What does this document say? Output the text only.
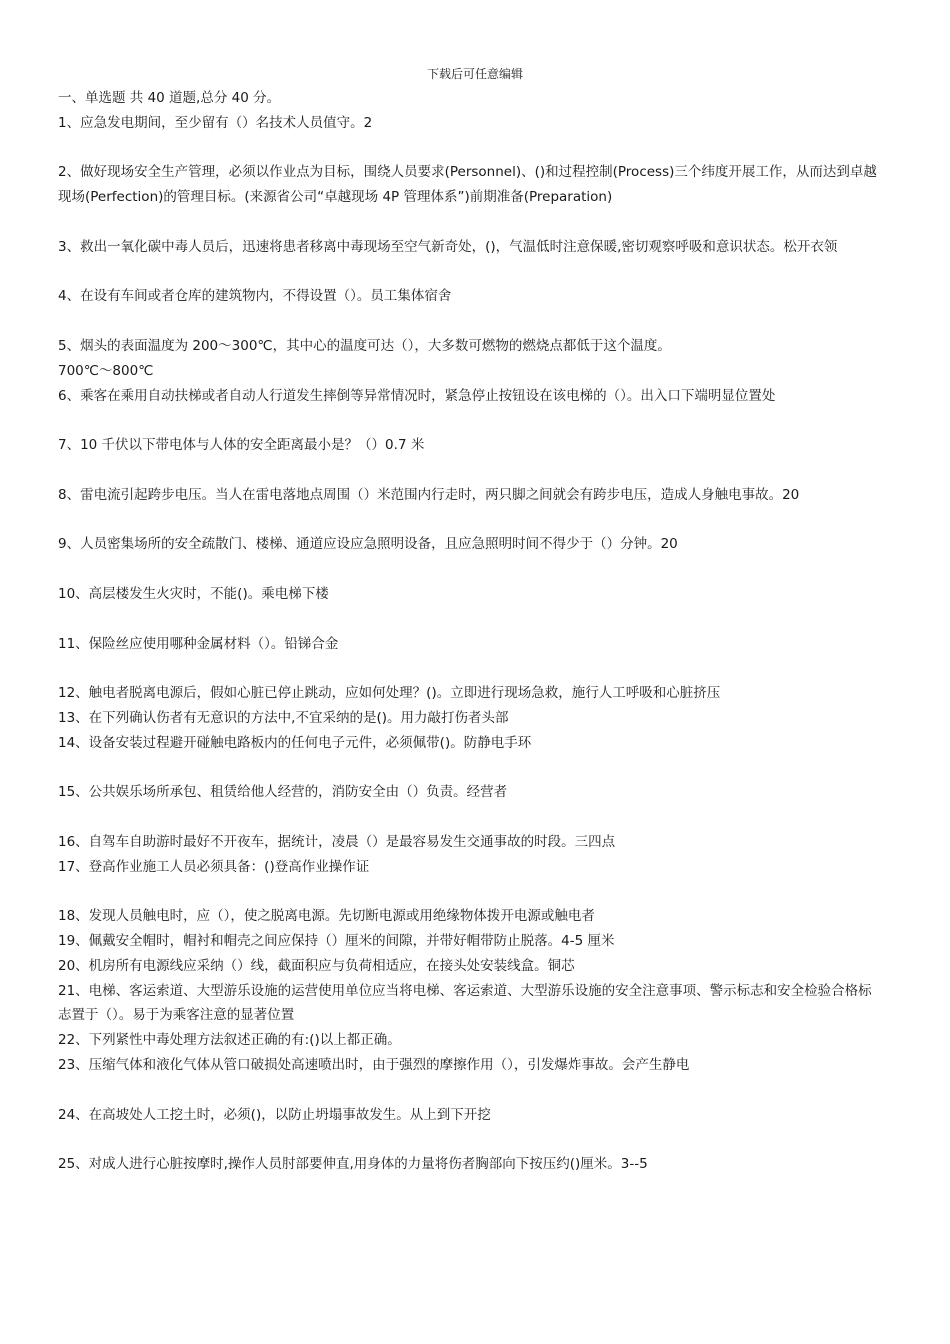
下载后可任意编辑
一、单选题 共 40 道题,总分 40 分。
1、应急发电期间，至少留有（）名技术人员值守。2
2、做好现场安全生产管理，必须以作业点为目标，围绕人员要求(Personnel)、()和过程控制(Process)三个纬度开展工作，从而达到卓越现场(Perfection)的管理目标。(来源省公司“卓越现场 4P 管理体系”)前期准备(Preparation)
3、救出一氧化碳中毒人员后，迅速将患者移离中毒现场至空气新奇处，()，气温低时注意保暖,密切观察呼吸和意识状态。松开衣领
4、在设有车间或者仓库的建筑物内，不得设置（）。员工集体宿舍
5、烟头的表面温度为 200～300℃，其中心的温度可达（），大多数可燃物的燃烧点都低于这个温度。
700℃～800℃
6、乘客在乘用自动扶梯或者自动人行道发生摔倒等异常情况时，紧急停止按钮设在该电梯的（）。出入口下端明显位置处
7、10 千伏以下带电体与人体的安全距离最小是？（）0.7 米
8、雷电流引起跨步电压。当人在雷电落地点周围（）米范围内行走时，两只脚之间就会有跨步电压，造成人身触电事故。20
9、人员密集场所的安全疏散门、楼梯、通道应设应急照明设备，且应急照明时间不得少于（）分钟。20
10、高层楼发生火灾时，不能()。乘电梯下楼
11、保险丝应使用哪种金属材料（）。铅锑合金
12、触电者脱离电源后，假如心脏已停止跳动，应如何处理？()。立即进行现场急救，施行人工呼吸和心脏挤压
13、在下列确认伤者有无意识的方法中,不宜采纳的是()。用力敲打伤者头部
14、设备安装过程避开碰触电路板内的任何电子元件，必须佩带()。防静电手环
15、公共娱乐场所承包、租赁给他人经营的，消防安全由（）负责。经营者
16、自驾车自助游时最好不开夜车，据统计，凌晨（）是最容易发生交通事故的时段。三四点
17、登高作业施工人员必须具备：()登高作业操作证
18、发现人员触电时，应（），使之脱离电源。先切断电源或用绝缘物体拨开电源或触电者
19、佩戴安全帽时，帽衬和帽壳之间应保持（）厘米的间隙，并带好帽带防止脱落。4-5 厘米
20、机房所有电源线应采纳（）线，截面积应与负荷相适应，在接头处安装线盒。铜芯
21、电梯、客运索道、大型游乐设施的运营使用单位应当将电梯、客运索道、大型游乐设施的安全注意事项、警示标志和安全检验合格标志置于（）。易于为乘客注意的显著位置
22、下列紧性中毒处理方法叙述正确的有:()以上都正确。
23、压缩气体和液化气体从管口破损处高速喷出时，由于强烈的摩擦作用（），引发爆炸事故。会产生静电
24、在高坡处人工挖土时，必须()，以防止坍塌事故发生。从上到下开挖
25、对成人进行心脏按摩时,操作人员肘部要伸直,用身体的力量将伤者胸部向下按压约()厘米。3--5
